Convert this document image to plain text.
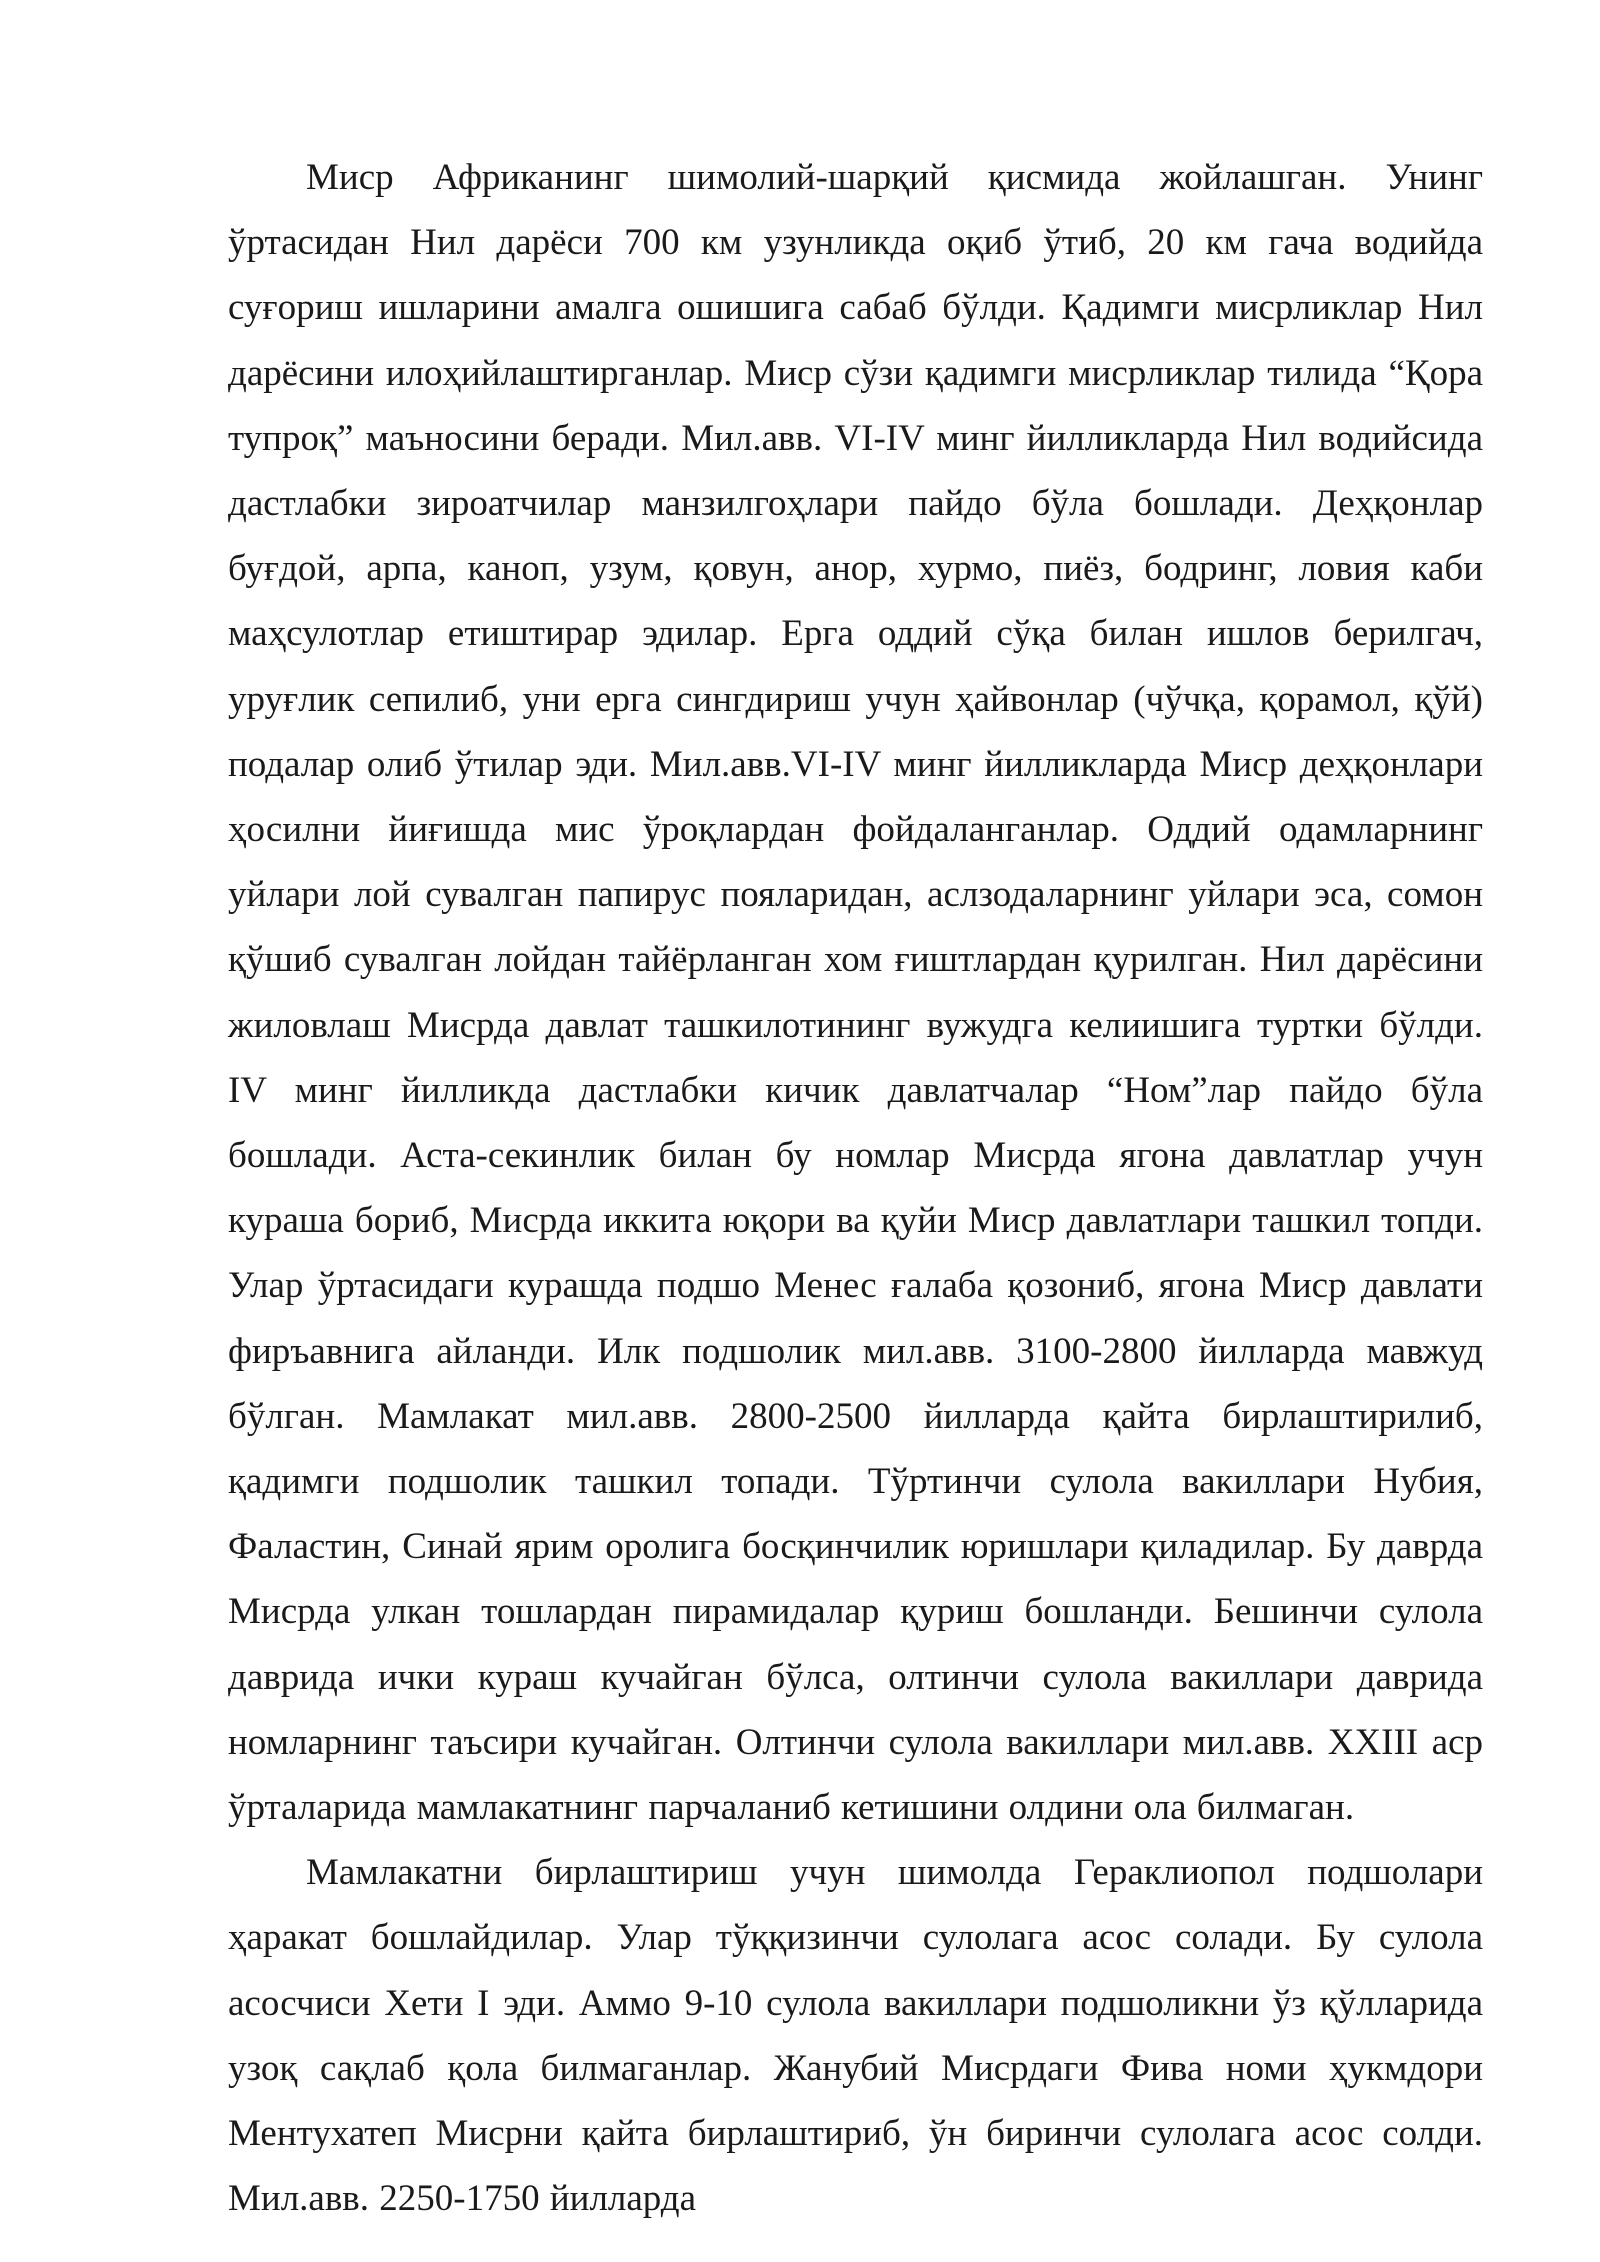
Миср Африканинг шимолий-шарқий қисмида жойлашган. Унинг ўртасидан Нил дарёси 700 км узунликда оқиб ўтиб, 20 км гача водийда суғориш ишларини амалга ошишига сабаб бўлди. Қадимги мисрликлар Нил дарёсини илоҳийлаштирганлар. Миср сўзи қадимги мисрликлар тилида “Қора тупроқ” маъносини беради. Мил.авв. VI-IV минг йилликларда Нил водийсида дастлабки зироатчилар манзилгоҳлари пайдо бўла бошлади. Деҳқонлар буғдой, арпа, каноп, узум, қовун, анор, хурмо, пиёз, бодринг, ловия каби маҳсулотлар етиштирар эдилар. Ерга оддий сўқа билан ишлов берилгач, уруғлик сепилиб, уни ерга сингдириш учун ҳайвонлар (чўчқа, қорамол, қўй) подалар олиб ўтилар эди. Мил.авв.VI-IV минг йилликларда Миср деҳқонлари ҳосилни йиғишда мис ўроқлардан фойдаланганлар. Оддий одамларнинг уйлари лой сувалган папирус пояларидан, аслзодаларнинг уйлари эса, сомон қўшиб сувалган лойдан тайёрланган хом ғиштлардан қурилган. Нил дарёсини жиловлаш Мисрда давлат ташкилотининг вужудга келиишига туртки бўлди. IV минг йилликда дастлабки кичик давлатчалар “Ном”лар пайдо бўла бошлади. Аста-секинлик билан бу номлар Мисрда ягона давлатлар учун кураша бориб, Мисрда иккита юқори ва қуйи Миср давлатлари ташкил топди. Улар ўртасидаги курашда подшо Менес ғалаба қозониб, ягона Миср давлати фиръавнига айланди. Илк подшолик мил.авв. 3100-2800 йилларда мавжуд бўлган. Мамлакат мил.авв. 2800-2500 йилларда қайта бирлаштирилиб, қадимги подшолик ташкил топади. Тўртинчи сулола вакиллари Нубия, Фаластин, Синай ярим оролига босқинчилик юришлари қиладилар. Бу даврда Мисрда улкан тошлардан пирамидалар қуриш бошланди. Бешинчи сулола даврида ички кураш кучайган бўлса, олтинчи сулола вакиллари даврида номларнинг таъсири кучайган. Олтинчи сулола вакиллари мил.авв. XXIII аср ўрталарида мамлакатнинг парчаланиб кетишини олдини ола билмаган.

Мамлакатни бирлаштириш учун шимолда Гераклиопол подшолари ҳаракат бошлайдилар. Улар тўққизинчи сулолага асос солади. Бу сулола асосчиси Хети I эди. Аммо 9-10 сулола вакиллари подшоликни ўз қўлларида узоқ сақлаб қола билмаганлар. Жанубий Мисрдаги Фива номи ҳукмдори Ментухатеп Мисрни қайта бирлаштириб, ўн биринчи сулолага асос солди. Мил.авв. 2250-1750 йилларда
